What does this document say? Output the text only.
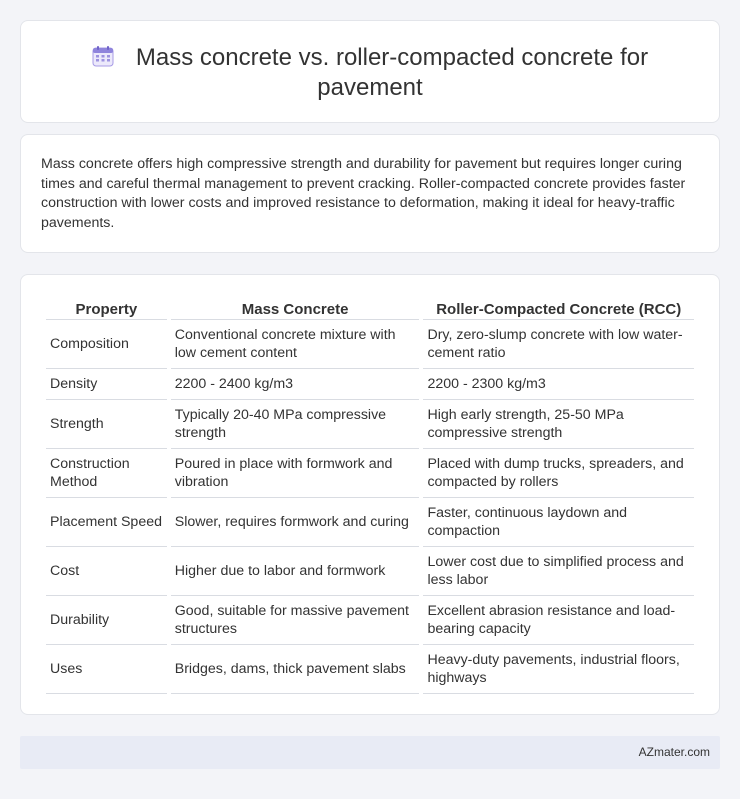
Mass concrete vs. roller-compacted concrete for pavement

Mass concrete offers high compressive strength and durability for pavement but requires longer curing times and careful thermal management to prevent cracking. Roller-compacted concrete provides faster construction with lower costs and improved resistance to deformation, making it ideal for heavy-traffic pavements.

Property	Mass Concrete	Roller-Compacted Concrete (RCC)
Composition	Conventional concrete mixture with low cement content	Dry, zero-slump concrete with low water-cement ratio
Density	2200 - 2400 kg/m3	2200 - 2300 kg/m3
Strength	Typically 20-40 MPa compressive strength	High early strength, 25-50 MPa compressive strength
Construction Method	Poured in place with formwork and vibration	Placed with dump trucks, spreaders, and compacted by rollers
Placement Speed	Slower, requires formwork and curing	Faster, continuous laydown and compaction
Cost	Higher due to labor and formwork	Lower cost due to simplified process and less labor
Durability	Good, suitable for massive pavement structures	Excellent abrasion resistance and load-bearing capacity
Uses	Bridges, dams, thick pavement slabs	Heavy-duty pavements, industrial floors, highways
AZmater.com
